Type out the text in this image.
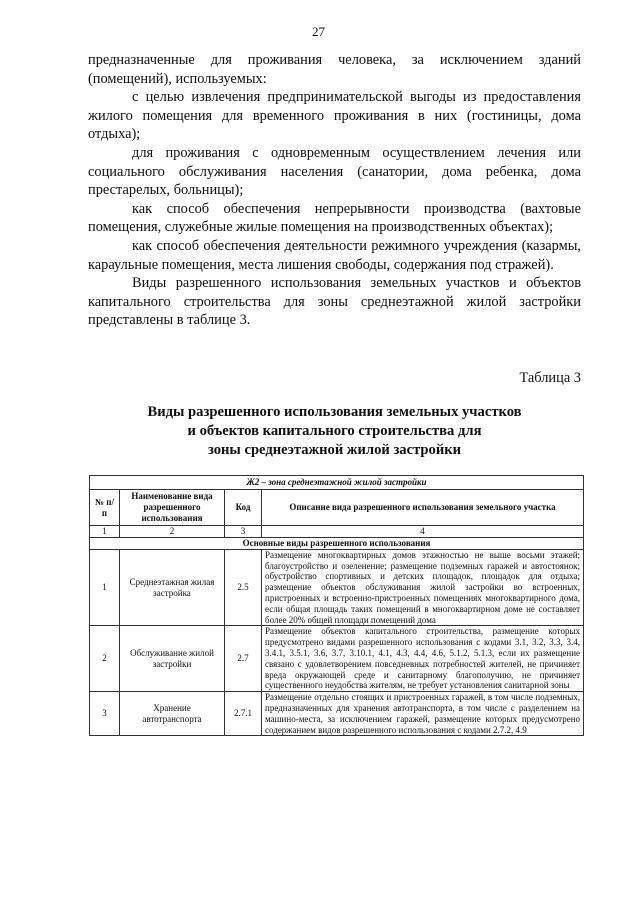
27

предназначенные для проживания человека, за исключением зданий (помещений), используемых:

с целью извлечения предпринимательской выгоды из предоставления жилого помещения для временного проживания в них (гостиницы, дома отдыха);

для проживания с одновременным осуществлением лечения или социального обслуживания населения (санатории, дома ребенка, дома престарелых, больницы);

как способ обеспечения непрерывности производства (вахтовые помещения, служебные жилые помещения на производственных объектах);

как способ обеспечения деятельности режимного учреждения (казармы, караульные помещения, места лишения свободы, содержания под стражей).

Виды разрешенного использования земельных участков и объектов капитального строительства для зоны среднеэтажной жилой застройки представлены в таблице 3.

Таблица 3
Виды разрешенного использования земельных участков
и объектов капитального строительства для
зоны среднеэтажной жилой застройки
Ж2 – зона среднеэтажной жилой застройки			
№ п/п	Наименование вида разрешенного использования	Код	Описание вида разрешенного использования земельного участка
1	2	3	4
Основные виды разрешенного использования			
1	Среднеэтажная жилая застройка	2.5	Размещение многоквартирных домов этажностью не выше восьми этажей; благоустройство и озеленение; размещение подземных гаражей и автостоянок; обустройство спортивных и детских площадок, площадок для отдыха; размещение объектов обслуживания жилой застройки во встроенных, пристроенных и встроенно-пристроенных помещениях многоквартирного дома, если общая площадь таких помещений в многоквартирном доме не составляет более 20% общей площади помещений дома
2	Обслуживание жилой застройки	2.7	Размещение объектов капитального строительства, размещение которых предусмотрено видами разрешенного использования с кодами 3.1, 3.2, 3.3, 3.4, 3.4.1, 3.5.1, 3.6, 3.7, 3.10.1, 4.1, 4.3, 4.4, 4.6, 5.1.2, 5.1.3, если их размещение связано с удовлетворением повседневных потребностей жителей, не причиняет вреда окружающей среде и санитарному благополучию, не причиняет существенного неудобства жителям, не требует установления санитарной зоны
3	Хранение автотранспорта	2.7.1	Размещение отдельно стоящих и пристроенных гаражей, в том числе подземных, предназначенных для хранения автотранспорта, в том числе с разделением на машино-места, за исключением гаражей, размещение которых предусмотрено содержанием видов разрешенного использования с кодами 2.7.2, 4.9
